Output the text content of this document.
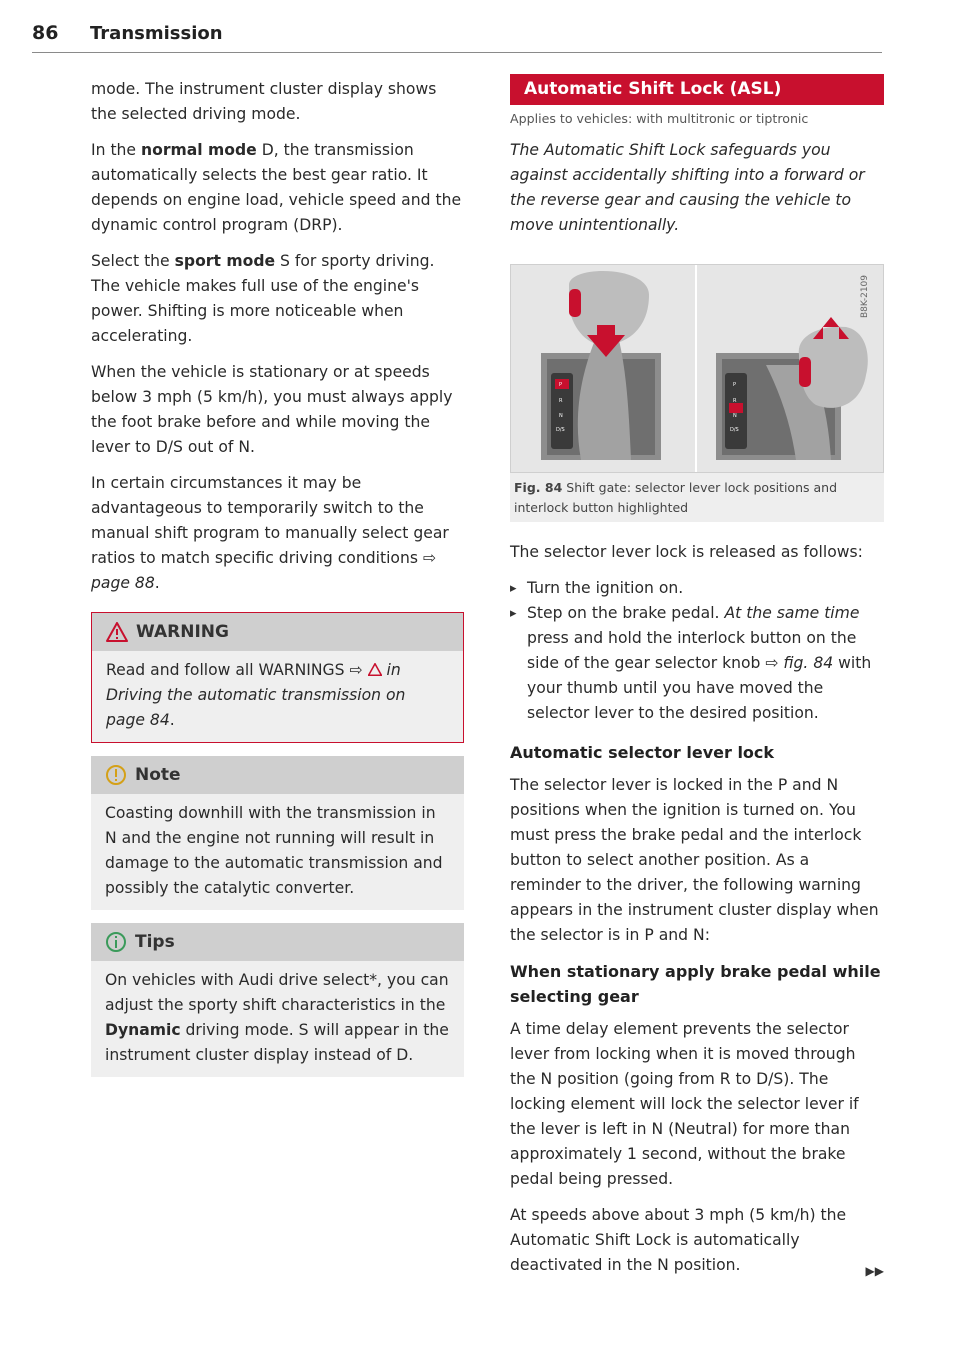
86 Transmission

mode. The instrument cluster display shows the selected driving mode.

In the normal mode D, the transmission automatically selects the best gear ratio. It depends on engine load, vehicle speed and the dynamic control program (DRP).

Select the sport mode S for sporty driving. The vehicle makes full use of the engine's power. Shifting is more noticeable when accelerating.

When the vehicle is stationary or at speeds below 3 mph (5 km/h), you must always apply the foot brake before and while moving the lever to D/S out of N.

In certain circumstances it may be advantageous to temporarily switch to the manual shift program to manually select gear ratios to match specific driving conditions ⇨ page 88.

WARNING
Read and follow all WARNINGS ⇨  in Driving the automatic transmission on page 84.
Note
Coasting downhill with the transmission in N and the engine not running will result in damage to the automatic transmission and possibly the catalytic converter.
Tips
On vehicles with Audi drive select*, you can adjust the sporty shift characteristics in the Dynamic driving mode. S will appear in the instrument cluster display instead of D.
Automatic Shift Lock (ASL)
Applies to vehicles: with multitronic or tiptronic

The Automatic Shift Lock safeguards you against accidentally shifting into a forward or the reverse gear and causing the vehicle to move unintentionally.

B8K-2109
P
R
N
D/S
P
R
N
D/S
Fig. 84 Shift gate: selector lever lock positions and interlock button highlighted

The selector lever lock is released as follows:

▸ Turn the ignition on.
▸ Step on the brake pedal. At the same time press and hold the interlock button on the side of the gear selector knob ⇨ fig. 84 with your thumb until you have moved the selector lever to the desired position.

Automatic selector lever lock

The selector lever is locked in the P and N positions when the ignition is turned on. You must press the brake pedal and the interlock button to select another position. As a reminder to the driver, the following warning appears in the instrument cluster display when the selector is in P and N:

When stationary apply brake pedal while selecting gear

A time delay element prevents the selector lever from locking when it is moved through the N position (going from R to D/S). The locking element will lock the selector lever if the lever is left in N (Neutral) for more than approximately 1 second, without the brake pedal being pressed.

At speeds above about 3 mph (5 km/h) the Automatic Shift Lock is automatically deactivated in the N position.	▶▶
